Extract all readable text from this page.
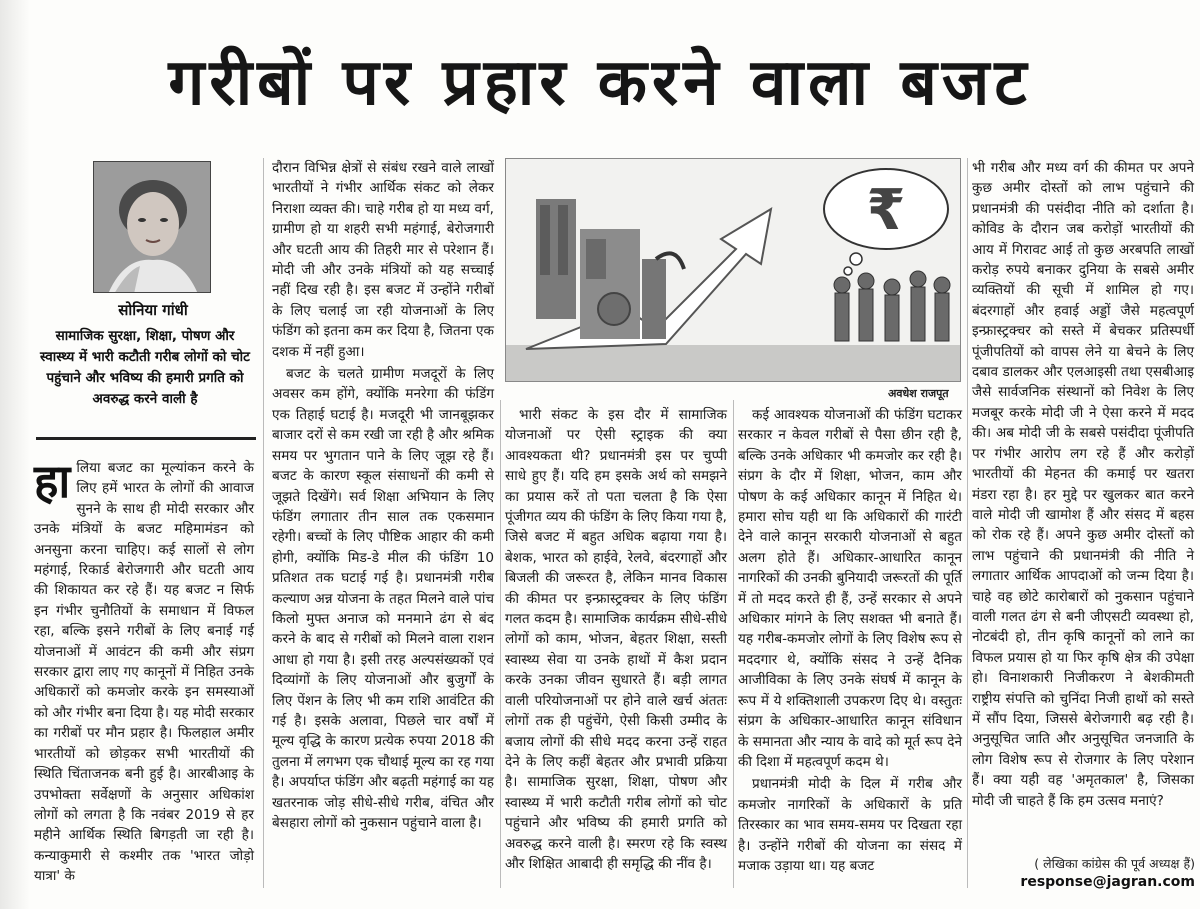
गरीबों पर प्रहार करने वाला बजट
सोनिया गांधी
सामाजिक सुरक्षा, शिक्षा, पोषण और स्वास्थ्य में भारी कटौती गरीब लोगों को चोट पहुंचाने और भविष्य की हमारी प्रगति को अवरुद्ध करने वाली है

हालिया बजट का मूल्यांकन करने के लिए हमें भारत के लोगों की आवाज सुनने के साथ ही मोदी सरकार और उनके मंत्रियों के बजट महिमामंडन को अनसुना करना चाहिए। कई सालों से लोग महंगाई, रिकार्ड बेरोजगारी और घटती आय की शिकायत कर रहे हैं। यह बजट न सिर्फ इन गंभीर चुनौतियों के समाधान में विफल रहा, बल्कि इसने गरीबों के लिए बनाई गई योजनाओं में आवंटन की कमी और संप्रग सरकार द्वारा लाए गए कानूनों में निहित उनके अधिकारों को कमजोर करके इन समस्याओं को और गंभीर बना दिया है। यह मोदी सरकार का गरीबों पर मौन प्रहार है। फिलहाल अमीर भारतीयों को छोड़कर सभी भारतीयों की स्थिति चिंताजनक बनी हुई है। आरबीआइ के उपभोक्ता सर्वेक्षणों के अनुसार अधिकांश लोगों को लगता है कि नवंबर 2019 से हर महीने आर्थिक स्थिति बिगड़ती जा रही है। कन्याकुमारी से कश्मीर तक 'भारत जोड़ो यात्रा' के

दौरान विभिन्न क्षेत्रों से संबंध रखने वाले लाखों भारतीयों ने गंभीर आर्थिक संकट को लेकर निराशा व्यक्त की। चाहे गरीब हो या मध्य वर्ग, ग्रामीण हो या शहरी सभी महंगाई, बेरोजगारी और घटती आय की तिहरी मार से परेशान हैं। मोदी जी और उनके मंत्रियों को यह सच्चाई नहीं दिख रही है। इस बजट में उन्होंने गरीबों के लिए चलाई जा रही योजनाओं के लिए फंडिंग को इतना कम कर दिया है, जितना एक दशक में नहीं हुआ।

बजट के चलते ग्रामीण मजदूरों के लिए अवसर कम होंगे, क्योंकि मनरेगा की फंडिंग एक तिहाई घटाई है। मजदूरी भी जानबूझकर बाजार दरों से कम रखी जा रही है और श्रमिक समय पर भुगतान पाने के लिए जूझ रहे हैं। बजट के कारण स्कूल संसाधनों की कमी से जूझते दिखेंगे। सर्व शिक्षा अभियान के लिए फंडिंग लगातार तीन साल तक एकसमान रहेगी। बच्चों के लिए पौष्टिक आहार की कमी होगी, क्योंकि मिड-डे मील की फंडिंग 10 प्रतिशत तक घटाई गई है। प्रधानमंत्री गरीब कल्याण अन्न योजना के तहत मिलने वाले पांच किलो मुफ्त अनाज को मनमाने ढंग से बंद करने के बाद से गरीबों को मिलने वाला राशन आधा हो गया है। इसी तरह अल्पसंख्यकों एवं दिव्यांगों के लिए योजनाओं और बुजुर्गों के लिए पेंशन के लिए भी कम राशि आवंटित की गई है। इसके अलावा, पिछले चार वर्षों में मूल्य वृद्धि के कारण प्रत्येक रुपया 2018 की तुलना में लगभग एक चौथाई मूल्य का रह गया है। अपर्याप्त फंडिंग और बढ़ती महंगाई का यह खतरनाक जोड़ सीधे-सीधे गरीब, वंचित और बेसहारा लोगों को नुकसान पहुंचाने वाला है।

₹
अवधेश राजपूत

भारी संकट के इस दौर में सामाजिक योजनाओं पर ऐसी स्ट्राइक की क्या आवश्यकता थी? प्रधानमंत्री इस पर चुप्पी साधे हुए हैं। यदि हम इसके अर्थ को समझने का प्रयास करें तो पता चलता है कि ऐसा पूंजीगत व्यय की फंडिंग के लिए किया गया है, जिसे बजट में बहुत अधिक बढ़ाया गया है। बेशक, भारत को हाईवे, रेलवे, बंदरगाहों और बिजली की जरूरत है, लेकिन मानव विकास की कीमत पर इन्फ्रास्ट्रक्चर के लिए फंडिंग गलत कदम है। सामाजिक कार्यक्रम सीधे-सीधे लोगों को काम, भोजन, बेहतर शिक्षा, सस्ती स्वास्थ्य सेवा या उनके हाथों में कैश प्रदान करके उनका जीवन सुधारते हैं। बड़ी लागत वाली परियोजनाओं पर होने वाले खर्च अंततः लोगों तक ही पहुंचेंगे, ऐसी किसी उम्मीद के बजाय लोगों की सीधे मदद करना उन्हें राहत देने के लिए कहीं बेहतर और प्रभावी प्रक्रिया है। सामाजिक सुरक्षा, शिक्षा, पोषण और स्वास्थ्य में भारी कटौती गरीब लोगों को चोट पहुंचाने और भविष्य की हमारी प्रगति को अवरुद्ध करने वाली है। स्मरण रहे कि स्वस्थ और शिक्षित आबादी ही समृद्धि की नींव है।

कई आवश्यक योजनाओं की फंडिंग घटाकर सरकार न केवल गरीबों से पैसा छीन रही है, बल्कि उनके अधिकार भी कमजोर कर रही है। संप्रग के दौर में शिक्षा, भोजन, काम और पोषण के कई अधिकार कानून में निहित थे। हमारा सोच यही था कि अधिकारों की गारंटी देने वाले कानून सरकारी योजनाओं से बहुत अलग होते हैं। अधिकार-आधारित कानून नागरिकों की उनकी बुनियादी जरूरतों की पूर्ति में तो मदद करते ही हैं, उन्हें सरकार से अपने अधिकार मांगने के लिए सशक्त भी बनाते हैं। यह गरीब-कमजोर लोगों के लिए विशेष रूप से मददगार थे, क्योंकि संसद ने उन्हें दैनिक आजीविका के लिए उनके संघर्ष में कानून के रूप में ये शक्तिशाली उपकरण दिए थे। वस्तुतः संप्रग के अधिकार-आधारित कानून संविधान के समानता और न्याय के वादे को मूर्त रूप देने की दिशा में महत्वपूर्ण कदम थे।

प्रधानमंत्री मोदी के दिल में गरीब और कमजोर नागरिकों के अधिकारों के प्रति तिरस्कार का भाव समय-समय पर दिखता रहा है। उन्होंने गरीबों की योजना का संसद में मजाक उड़ाया था। यह बजट

भी गरीब और मध्य वर्ग की कीमत पर अपने कुछ अमीर दोस्तों को लाभ पहुंचाने की प्रधानमंत्री की पसंदीदा नीति को दर्शाता है। कोविड के दौरान जब करोड़ों भारतीयों की आय में गिरावट आई तो कुछ अरबपति लाखों करोड़ रुपये बनाकर दुनिया के सबसे अमीर व्यक्तियों की सूची में शामिल हो गए। बंदरगाहों और हवाई अड्डों जैसे महत्वपूर्ण इन्फ्रास्ट्रक्चर को सस्ते में बेचकर प्रतिस्पर्धी पूंजीपतियों को वापस लेने या बेचने के लिए दबाव डालकर और एलआइसी तथा एसबीआइ जैसे सार्वजनिक संस्थानों को निवेश के लिए मजबूर करके मोदी जी ने ऐसा करने में मदद की। अब मोदी जी के सबसे पसंदीदा पूंजीपति पर गंभीर आरोप लग रहे हैं और करोड़ों भारतीयों की मेहनत की कमाई पर खतरा मंडरा रहा है। हर मुद्दे पर खुलकर बात करने वाले मोदी जी खामोश हैं और संसद में बहस को रोक रहे हैं। अपने कुछ अमीर दोस्तों को लाभ पहुंचाने की प्रधानमंत्री की नीति ने लगातार आर्थिक आपदाओं को जन्म दिया है। चाहे वह छोटे कारोबारों को नुकसान पहुंचाने वाली गलत ढंग से बनी जीएसटी व्यवस्था हो, नोटबंदी हो, तीन कृषि कानूनों को लाने का विफल प्रयास हो या फिर कृषि क्षेत्र की उपेक्षा हो। विनाशकारी निजीकरण ने बेशकीमती राष्ट्रीय संपत्ति को चुनिंदा निजी हाथों को सस्ते में सौंप दिया, जिससे बेरोजगारी बढ़ रही है। अनुसूचित जाति और अनुसूचित जनजाति के लोग विशेष रूप से रोजगार के लिए परेशान हैं। क्या यही वह 'अमृतकाल' है, जिसका मोदी जी चाहते हैं कि हम उत्सव मनाएं?

( लेखिका कांग्रेस की पूर्व अध्यक्ष हैं)
response@jagran.com
